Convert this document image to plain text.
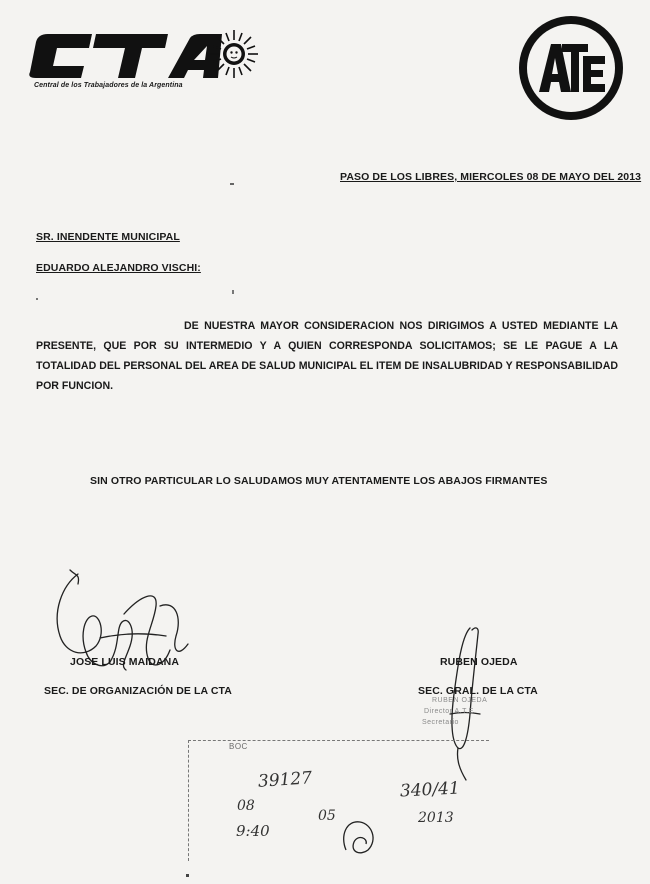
Central de los Trabajadores de la Argentina
PASO DE LOS LIBRES, MIERCOLES 08 DE MAYO DEL 2013
SR. INENDENTE MUNICIPAL
EDUARDO ALEJANDRO VISCHI:
DE NUESTRA MAYOR CONSIDERACION NOS DIRIGIMOS A USTED MEDIANTE LA PRESENTE, QUE POR SU INTERMEDIO Y A QUIEN CORRESPONDA SOLICITAMOS; SE LE PAGUE A LA TOTALIDAD DEL PERSONAL DEL AREA DE SALUD MUNICIPAL EL ITEM DE INSALUBRIDAD Y RESPONSABILIDAD POR FUNCION.
SIN OTRO PARTICULAR LO SALUDAMOS MUY ATENTAMENTE LOS ABAJOS FIRMANTES
JOSE LUIS MAIDANA
SEC. DE ORGANIZACIÓN DE LA CTA
RUBEN OJEDA
SEC. GRAL. DE LA CTA
RUBEN OJEDA
Director A.T.E.
Secretario
BOC
39127
08
05
9:40
340/41
2013
